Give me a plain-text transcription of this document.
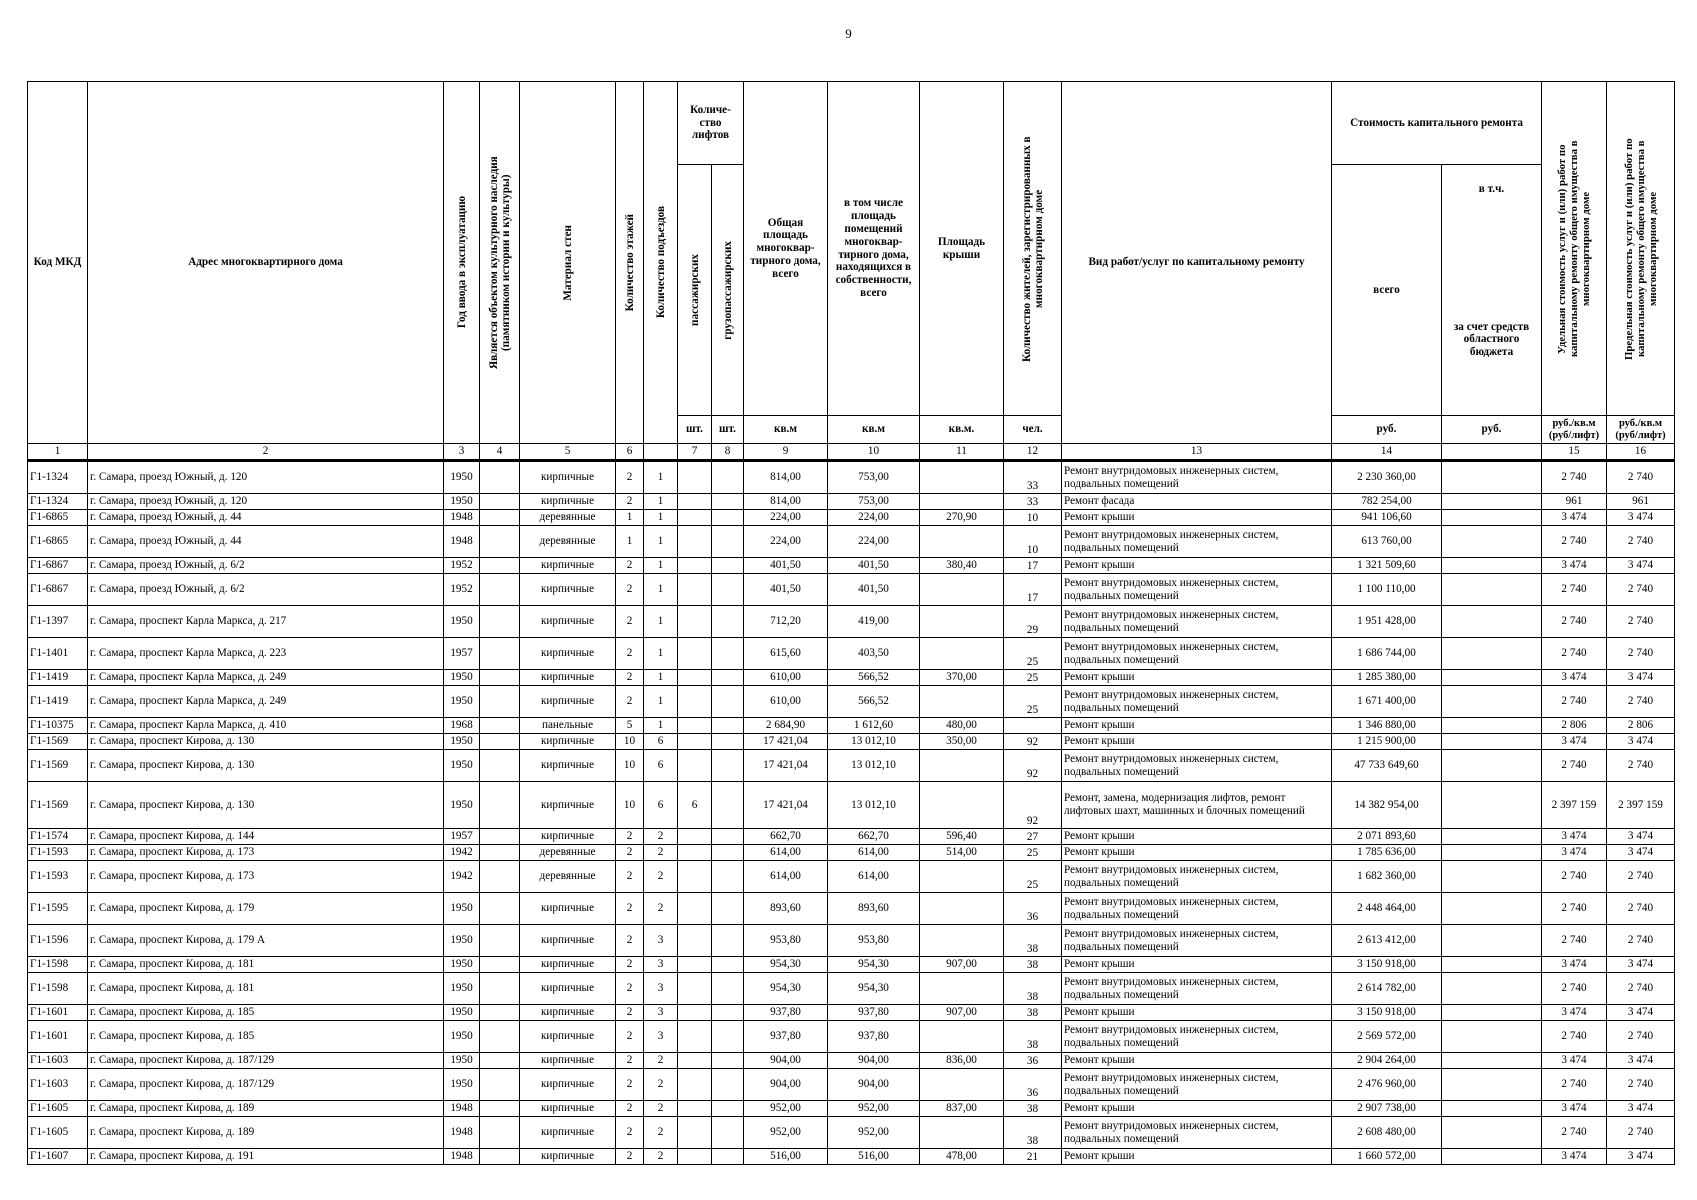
9
Код МКД	Адрес многоквартирного дома	Год ввода в эксплуатацию	Является объектом культурного наследия (памятником истории и культуры)	Материал стен	Количество этажей	Количество подъездов	Количе-ство лифтов		Общая площадь многоквар-тирного дома, всего	в том числе площадь помещений многоквар-тирного дома, находящихся в собственности, всего	Площадь крыши	Количество жителей, зарегистрированных в многоквартирном доме	Вид работ/услуг по капитальному ремонту	Стоимость капитального ремонта		Удельная стоимость услуг и (или) работ по капитальному ремонту общего имущества в многоквартирном доме	Предельная стоимость услуг и (или) работ по капитальному ремонту общего имущества в многоквартирном доме

							пассажирских	грузопассажирских						всего	в т.ч.
за счет средств областного бюджета		

							шт.	шт.	кв.м	кв.м	кв.м.	чел.		руб.	руб.	руб./кв.м (руб/лифт)	руб./кв.м (руб/лифт)
1	2	3	4	5	6		7	8	9	10	11	12	13	14		15	16
Г1-1324	г. Самара, проезд Южный, д. 120	1950		кирпичные	2	1			814,00	753,00		33	Ремонт внутридомовых инженерных систем, подвальных помещений	2 230 360,00		2 740	2 740
Г1-1324	г. Самара, проезд Южный, д. 120	1950		кирпичные	2	1			814,00	753,00		33	Ремонт фасада	782 254,00		961	961
Г1-6865	г. Самара, проезд Южный, д. 44	1948		деревянные	1	1			224,00	224,00	270,90	10	Ремонт крыши	941 106,60		3 474	3 474
Г1-6865	г. Самара, проезд Южный, д. 44	1948		деревянные	1	1			224,00	224,00		10	Ремонт внутридомовых инженерных систем, подвальных помещений	613 760,00		2 740	2 740
Г1-6867	г. Самара, проезд Южный, д. 6/2	1952		кирпичные	2	1			401,50	401,50	380,40	17	Ремонт крыши	1 321 509,60		3 474	3 474
Г1-6867	г. Самара, проезд Южный, д. 6/2	1952		кирпичные	2	1			401,50	401,50		17	Ремонт внутридомовых инженерных систем, подвальных помещений	1 100 110,00		2 740	2 740
Г1-1397	г. Самара, проспект Карла Маркса, д. 217	1950		кирпичные	2	1			712,20	419,00		29	Ремонт внутридомовых инженерных систем, подвальных помещений	1 951 428,00		2 740	2 740
Г1-1401	г. Самара, проспект Карла Маркса, д. 223	1957		кирпичные	2	1			615,60	403,50		25	Ремонт внутридомовых инженерных систем, подвальных помещений	1 686 744,00		2 740	2 740
Г1-1419	г. Самара, проспект Карла Маркса, д. 249	1950		кирпичные	2	1			610,00	566,52	370,00	25	Ремонт крыши	1 285 380,00		3 474	3 474
Г1-1419	г. Самара, проспект Карла Маркса, д. 249	1950		кирпичные	2	1			610,00	566,52		25	Ремонт внутридомовых инженерных систем, подвальных помещений	1 671 400,00		2 740	2 740
Г1-10375	г. Самара, проспект Карла Маркса, д. 410	1968		панельные	5	1			2 684,90	1 612,60	480,00		Ремонт крыши	1 346 880,00		2 806	2 806
Г1-1569	г. Самара, проспект Кирова, д. 130	1950		кирпичные	10	6			17 421,04	13 012,10	350,00	92	Ремонт крыши	1 215 900,00		3 474	3 474
Г1-1569	г. Самара, проспект Кирова, д. 130	1950		кирпичные	10	6			17 421,04	13 012,10		92	Ремонт внутридомовых инженерных систем, подвальных помещений	47 733 649,60		2 740	2 740
Г1-1569	г. Самара, проспект Кирова, д. 130	1950		кирпичные	10	6	6		17 421,04	13 012,10		92	Ремонт, замена, модернизация лифтов, ремонт лифтовых шахт, машинных и блочных помещений	14 382 954,00		2 397 159	2 397 159
Г1-1574	г. Самара, проспект Кирова, д. 144	1957		кирпичные	2	2			662,70	662,70	596,40	27	Ремонт крыши	2 071 893,60		3 474	3 474
Г1-1593	г. Самара, проспект Кирова, д. 173	1942		деревянные	2	2			614,00	614,00	514,00	25	Ремонт крыши	1 785 636,00		3 474	3 474
Г1-1593	г. Самара, проспект Кирова, д. 173	1942		деревянные	2	2			614,00	614,00		25	Ремонт внутридомовых инженерных систем, подвальных помещений	1 682 360,00		2 740	2 740
Г1-1595	г. Самара, проспект Кирова, д. 179	1950		кирпичные	2	2			893,60	893,60		36	Ремонт внутридомовых инженерных систем, подвальных помещений	2 448 464,00		2 740	2 740
Г1-1596	г. Самара, проспект Кирова, д. 179 А	1950		кирпичные	2	3			953,80	953,80		38	Ремонт внутридомовых инженерных систем, подвальных помещений	2 613 412,00		2 740	2 740
Г1-1598	г. Самара, проспект Кирова, д. 181	1950		кирпичные	2	3			954,30	954,30	907,00	38	Ремонт крыши	3 150 918,00		3 474	3 474
Г1-1598	г. Самара, проспект Кирова, д. 181	1950		кирпичные	2	3			954,30	954,30		38	Ремонт внутридомовых инженерных систем, подвальных помещений	2 614 782,00		2 740	2 740
Г1-1601	г. Самара, проспект Кирова, д. 185	1950		кирпичные	2	3			937,80	937,80	907,00	38	Ремонт крыши	3 150 918,00		3 474	3 474
Г1-1601	г. Самара, проспект Кирова, д. 185	1950		кирпичные	2	3			937,80	937,80		38	Ремонт внутридомовых инженерных систем, подвальных помещений	2 569 572,00		2 740	2 740
Г1-1603	г. Самара, проспект Кирова, д. 187/129	1950		кирпичные	2	2			904,00	904,00	836,00	36	Ремонт крыши	2 904 264,00		3 474	3 474
Г1-1603	г. Самара, проспект Кирова, д. 187/129	1950		кирпичные	2	2			904,00	904,00		36	Ремонт внутридомовых инженерных систем, подвальных помещений	2 476 960,00		2 740	2 740
Г1-1605	г. Самара, проспект Кирова, д. 189	1948		кирпичные	2	2			952,00	952,00	837,00	38	Ремонт крыши	2 907 738,00		3 474	3 474
Г1-1605	г. Самара, проспект Кирова, д. 189	1948		кирпичные	2	2			952,00	952,00		38	Ремонт внутридомовых инженерных систем, подвальных помещений	2 608 480,00		2 740	2 740
Г1-1607	г. Самара, проспект Кирова, д. 191	1948		кирпичные	2	2			516,00	516,00	478,00	21	Ремонт крыши	1 660 572,00		3 474	3 474
